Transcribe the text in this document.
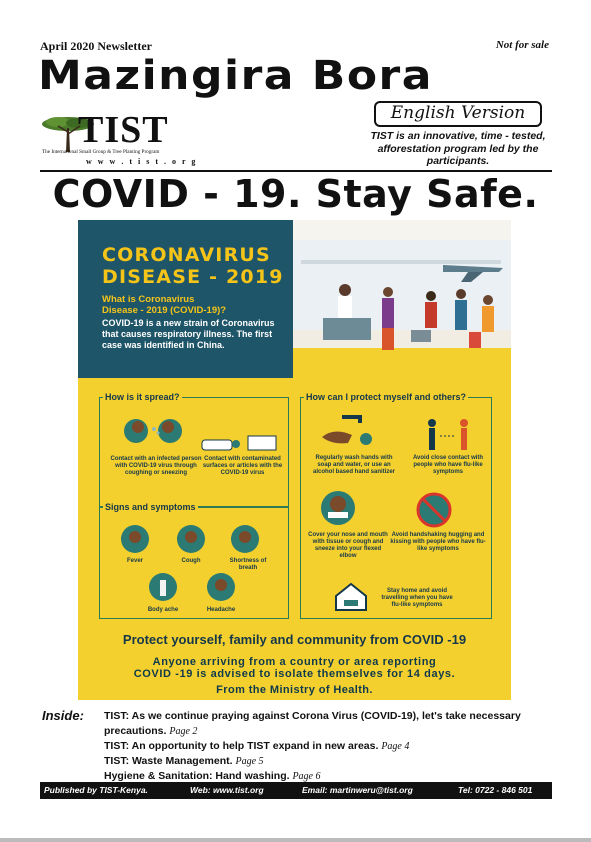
April 2020 Newsletter	Not for sale
Mazingira Bora
English Version
TIST is an innovative, time - tested, afforestation program led by the participants.
TIST
The International Small Group & Tree Planting Program
w w w . t i s t . o r g
COVID - 19. Stay Safe.
CORONAVIRUS
DISEASE - 2019
What is Coronavirus
Disease - 2019 (COVID-19)?
COVID-19 is a new strain of Coronavirus that causes respiratory illness. The first case was identified in China.
How is it spread?
Contact with an infected person with COVID-19 virus through coughing or sneezing
Contact with contaminated surfaces or articles with the COVID-19 virus
Signs and symptoms
Fever	Cough	Shortness of breath
Body ache	Headache
How can I protect myself and others?
Regularly wash hands with soap and water, or use an alcohol based hand sanitizer
Avoid close contact with people who have flu-like symptoms
Cover your nose and mouth with tissue or cough and sneeze into your flexed elbow
Avoid handshaking hugging and kissing with people who have flu-like symptoms
Stay home and avoid travelling when you have flu-like symptoms
Protect yourself, family and community from COVID -19
Anyone arriving from a country or area reporting
COVID -19 is advised to isolate themselves for 14 days.
From the Ministry of Health.
Inside: TIST: As we continue praying against Corona Virus (COVID-19), let's take necessary precautions. Page 2
TIST: An opportunity to help TIST expand in new areas. Page 4
TIST: Waste Management. Page 5
Hygiene & Sanitation: Hand washing. Page 6
Published by TIST-Kenya.	Web: www.tist.org	Email: martinweru@tist.org	Tel: 0722 - 846 501
